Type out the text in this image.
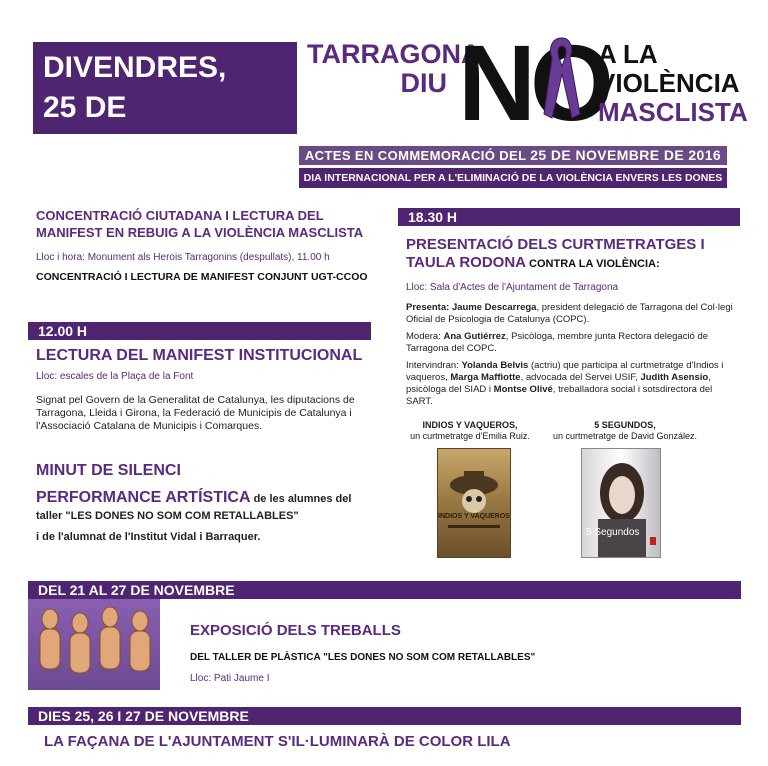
DIVENDRES,
25 DE NOVEMBRE
TARRAGONA
DIU NO
A LA
VIOLÈNCIA
MASCLISTA
ACTES EN COMMEMORACIÓ DEL 25 DE NOVEMBRE DE 2016
DIA INTERNACIONAL PER A L'ELIMINACIÓ DE LA VIOLÈNCIA ENVERS LES DONES
CONCENTRACIÓ CIUTADANA I LECTURA DEL MANIFEST EN REBUIG A LA VIOLÈNCIA MASCLISTA
Lloc i hora: Monument als Herois Tarragonins (despullats), 11.00 h
CONCENTRACIÓ I LECTURA DE MANIFEST CONJUNT UGT-CCOO
12.00 H
LECTURA DEL MANIFEST INSTITUCIONAL
Lloc: escales de la Plaça de la Font
Signat pel Govern de la Generalitat de Catalunya, les diputacions de Tarragona, Lleida i Girona, la Federació de Municipis de Catalunya i l'Associació Catalana de Municipis i Comarques.
MINUT DE SILENCI
PERFORMANCE ARTÍSTICA de les alumnes del taller "LES DONES NO SOM COM RETALLABLES"
i de l'alumnat de l'Institut Vidal i Barraquer.
18.30 H
PRESENTACIÓ DELS CURTMETRATGES I
TAULA RODONA CONTRA LA VIOLÈNCIA:
Lloc: Sala d'Actes de l'Ajuntament de Tarragona
Presenta: Jaume Descarrega, president delegació de Tarragona del Col·legi Oficial de Psicologia de Catalunya (COPC).
Modera: Ana Gutiérrez, Psicòloga, membre junta Rectora delegació de Tarragona del COPC.
Intervindran: Yolanda Belvis (actriu) que participa al curtmetratge d'Indios i vaqueros, Marga Maffiotte, advocada del Servei USIF, Judith Asensio, psicòloga del SIAD i Montse Olivé, treballadora social i sotsdirectora del SART.
INDIOS Y VAQUEROS,
un curtmetratge d'Emilia Ruiz.
5 SEGUNDOS,
un curtmetratge de David González.
INDIOS Y VAQUEROS
5 Segundos
DEL 21 AL 27 DE NOVEMBRE
EXPOSICIÓ DELS TREBALLS
DEL TALLER DE PLÀSTICA "LES DONES NO SOM COM RETALLABLES"
Lloc: Pati Jaume I
DIES 25, 26 I 27 DE NOVEMBRE
LA FAÇANA DE L'AJUNTAMENT S'IL·LUMINARÀ DE COLOR LILA
